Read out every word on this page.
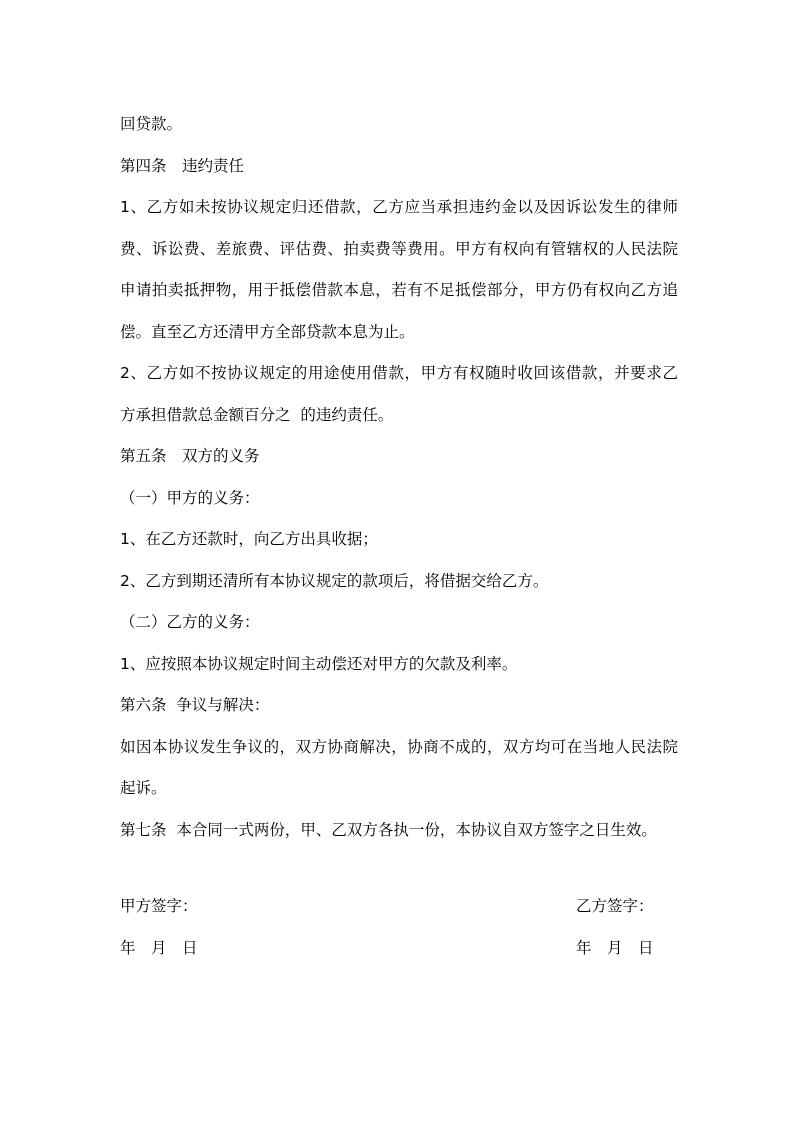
回贷款。
第四条　违约责任
1、乙方如未按协议规定归还借款，乙方应当承担违约金以及因诉讼发生的律师
费、诉讼费、差旅费、评估费、拍卖费等费用。甲方有权向有管辖权的人民法院
申请拍卖抵押物，用于抵偿借款本息，若有不足抵偿部分，甲方仍有权向乙方追
偿。直至乙方还清甲方全部贷款本息为止。
2、乙方如不按协议规定的用途使用借款，甲方有权随时收回该借款，并要求乙
方承担借款总金额百分之  的违约责任。
第五条　双方的义务
（一）甲方的义务：
1、在乙方还款时，向乙方出具收据；
2、乙方到期还清所有本协议规定的款项后，将借据交给乙方。
（二）乙方的义务：
1、应按照本协议规定时间主动偿还对甲方的欠款及利率。
第六条  争议与解决：
如因本协议发生争议的，双方协商解决，协商不成的，双方均可在当地人民法院
起诉。
第七条  本合同一式两份，甲、乙双方各执一份，本协议自双方签字之日生效。
甲方签字：	乙方签字：
年　月　日	年　月　日
